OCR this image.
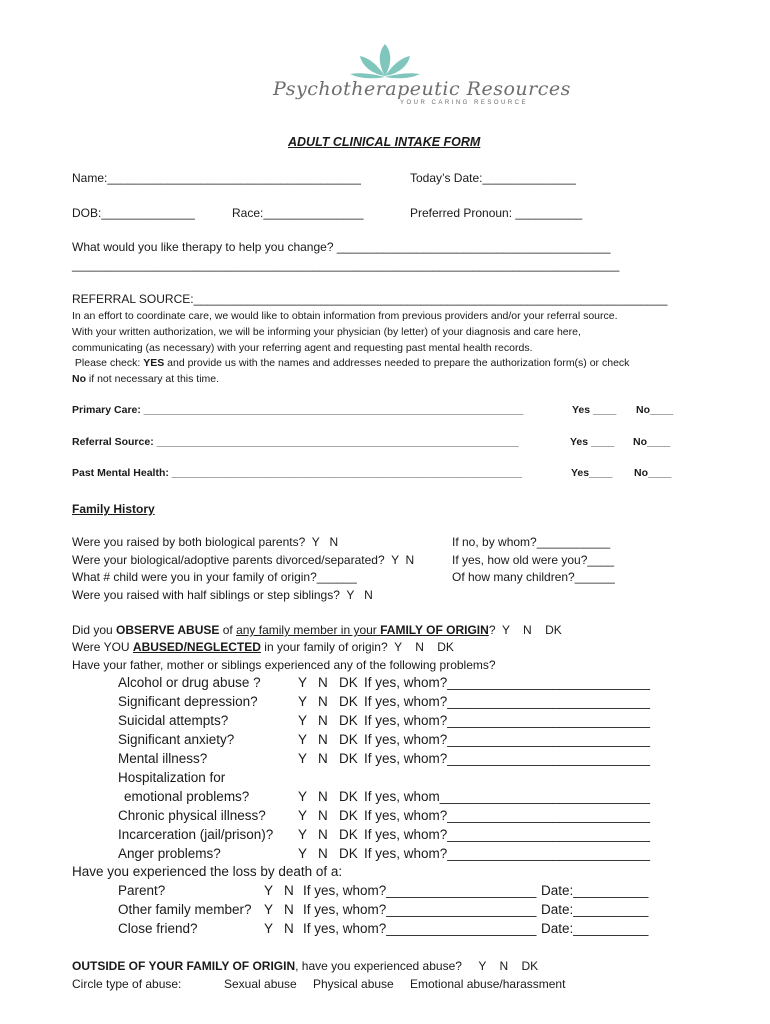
Psychotherapeutic Resources
YOUR CARING RESOURCE
ADULT CLINICAL INTAKE FORM
Name:______________________________________	Today’s Date:______________
DOB:______________	Race:_______________	Preferred Pronoun: __________
What would you like therapy to help you change? _________________________________________
__________________________________________________________________________________
REFERRAL SOURCE:_______________________________________________________________________
In an effort to coordinate care, we would like to obtain information from previous providers and/or your referral source.
With your written authorization, we will be informing your physician (by letter) of your diagnosis and care here,
communicating (as necessary) with your referring agent and requesting past mental health records.
Please check: YES and provide us with the names and addresses needed to prepare the authorization form(s) or check
No if not necessary at this time.
Primary Care: _________________________________________________________________	Yes ____ No____
Referral Source: ______________________________________________________________	Yes ____ No____
Past Mental Health: ____________________________________________________________	Yes____ No____
Family History
Were you raised by both biological parents?  Y   N	If no, by whom?___________
Were your biological/adoptive parents divorced/separated?  Y  N	If yes, how old were you?____
What # child were you in your family of origin?______	Of how many children?______
Were you raised with half siblings or step siblings?  Y   N
Did you OBSERVE ABUSE of any family member in your FAMILY OF ORIGIN?  Y    N    DK
Were YOU ABUSED/NEGLECTED in your family of origin?  Y    N    DK
Have your father, mother or siblings experienced any of the following problems?
Alcohol or drug abuse ?	Y   N   DK If yes, whom?___________________________
Significant depression?	Y   N   DK If yes, whom?___________________________
Suicidal attempts?	Y   N   DK If yes, whom?___________________________
Significant anxiety?	Y   N   DK If yes, whom?___________________________
Mental illness?	Y   N   DK If yes, whom?___________________________
Hospitalization for
emotional problems?	Y   N   DK If yes, whom____________________________
Chronic physical illness? Y   N   DK If yes, whom?___________________________
Incarceration (jail/prison)? Y   N   DK If yes, whom?___________________________
Anger problems?	Y   N   DK If yes, whom?___________________________
Have you experienced the loss by death of a:
Parent?	Y   N If yes, whom?____________________ Date:__________
Other family member? Y   N If yes, whom?____________________ Date:__________
Close friend?	Y   N If yes, whom?____________________ Date:__________
OUTSIDE OF YOUR FAMILY OF ORIGIN, have you experienced abuse?     Y    N    DK
Circle type of abuse:	Sexual abuse Physical abuse Emotional abuse/harassment
